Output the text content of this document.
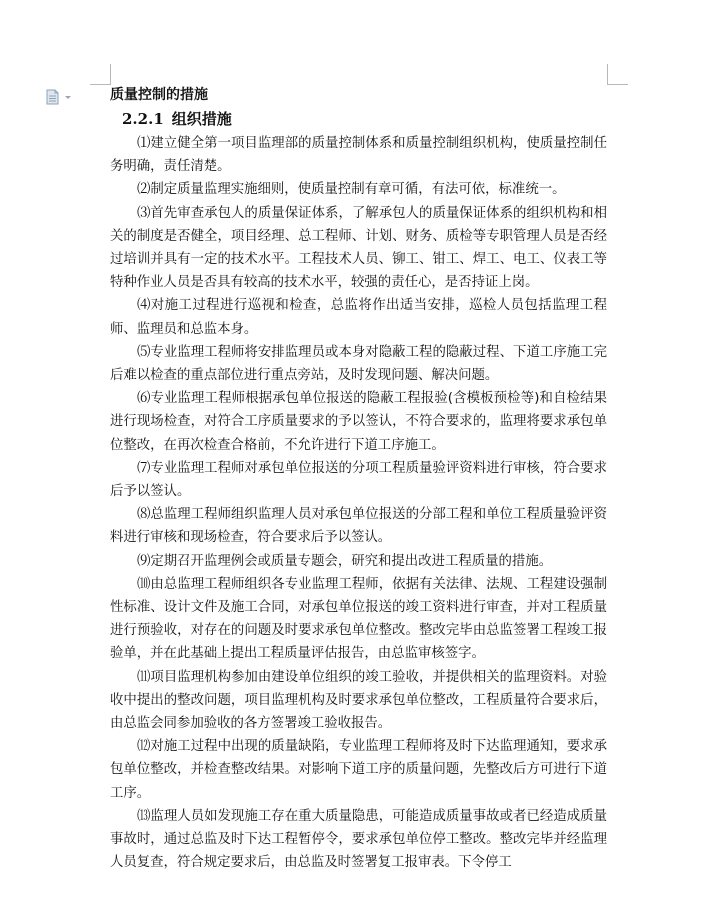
质量控制的措施
2.2.1 组织措施

⑴建立健全第一项目监理部的质量控制体系和质量控制组织机构，使质量控制任务明确，责任清楚。

⑵制定质量监理实施细则，使质量控制有章可循，有法可依，标准统一。

⑶首先审查承包人的质量保证体系，了解承包人的质量保证体系的组织机构和相关的制度是否健全，项目经理、总工程师、计划、财务、质检等专职管理人员是否经过培训并具有一定的技术水平。工程技术人员、铆工、钳工、焊工、电工、仪表工等特种作业人员是否具有较高的技术水平，较强的责任心，是否持证上岗。

⑷对施工过程进行巡视和检查，总监将作出适当安排，巡检人员包括监理工程师、监理员和总监本身。

⑸专业监理工程师将安排监理员或本身对隐蔽工程的隐蔽过程、下道工序施工完后难以检查的重点部位进行重点旁站，及时发现问题、解决问题。

⑹专业监理工程师根据承包单位报送的隐蔽工程报验(含模板预检等)和自检结果进行现场检查，对符合工序质量要求的予以签认，不符合要求的，监理将要求承包单位整改，在再次检查合格前，不允许进行下道工序施工。

⑺专业监理工程师对承包单位报送的分项工程质量验评资料进行审核，符合要求后予以签认。

⑻总监理工程师组织监理人员对承包单位报送的分部工程和单位工程质量验评资料进行审核和现场检查，符合要求后予以签认。

⑼定期召开监理例会或质量专题会，研究和提出改进工程质量的措施。

⑽由总监理工程师组织各专业监理工程师，依据有关法律、法规、工程建设强制性标准、设计文件及施工合同，对承包单位报送的竣工资料进行审查，并对工程质量进行预验收，对存在的问题及时要求承包单位整改。整改完毕由总监签署工程竣工报验单，并在此基础上提出工程质量评估报告，由总监审核签字。

⑾项目监理机构参加由建设单位组织的竣工验收，并提供相关的监理资料。对验收中提出的整改问题，项目监理机构及时要求承包单位整改，工程质量符合要求后，由总监会同参加验收的各方签署竣工验收报告。

⑿对施工过程中出现的质量缺陷，专业监理工程师将及时下达监理通知，要求承包单位整改，并检查整改结果。对影响下道工序的质量问题，先整改后方可进行下道工序。

⒀监理人员如发现施工存在重大质量隐患，可能造成质量事故或者已经造成质量事故时，通过总监及时下达工程暂停令，要求承包单位停工整改。整改完毕并经监理人员复查，符合规定要求后，由总监及时签署复工报审表。下令停工
